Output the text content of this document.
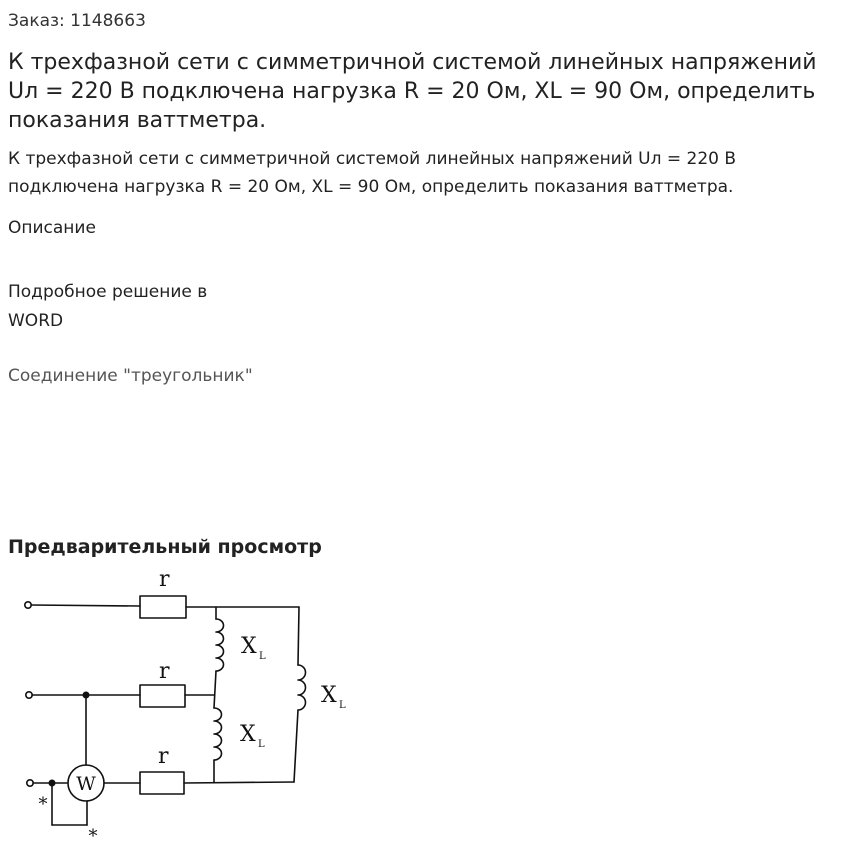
Заказ: 1148663
К трехфазной сети с симметричной системой линейных напряжений Uл = 220 В подключена нагрузка R = 20 Ом, XL = 90 Ом, определить показания ваттметра.
К трехфазной сети с симметричной системой линейных напряжений Uл = 220 В подключена нагрузка R = 20 Ом, XL = 90 Ом, определить показания ваттметра.
Описание
Подробное решение в WORD
Соединение "треугольник"
Предварительный просмотр
r
r
r
X L
X L
X L
W
*
*
